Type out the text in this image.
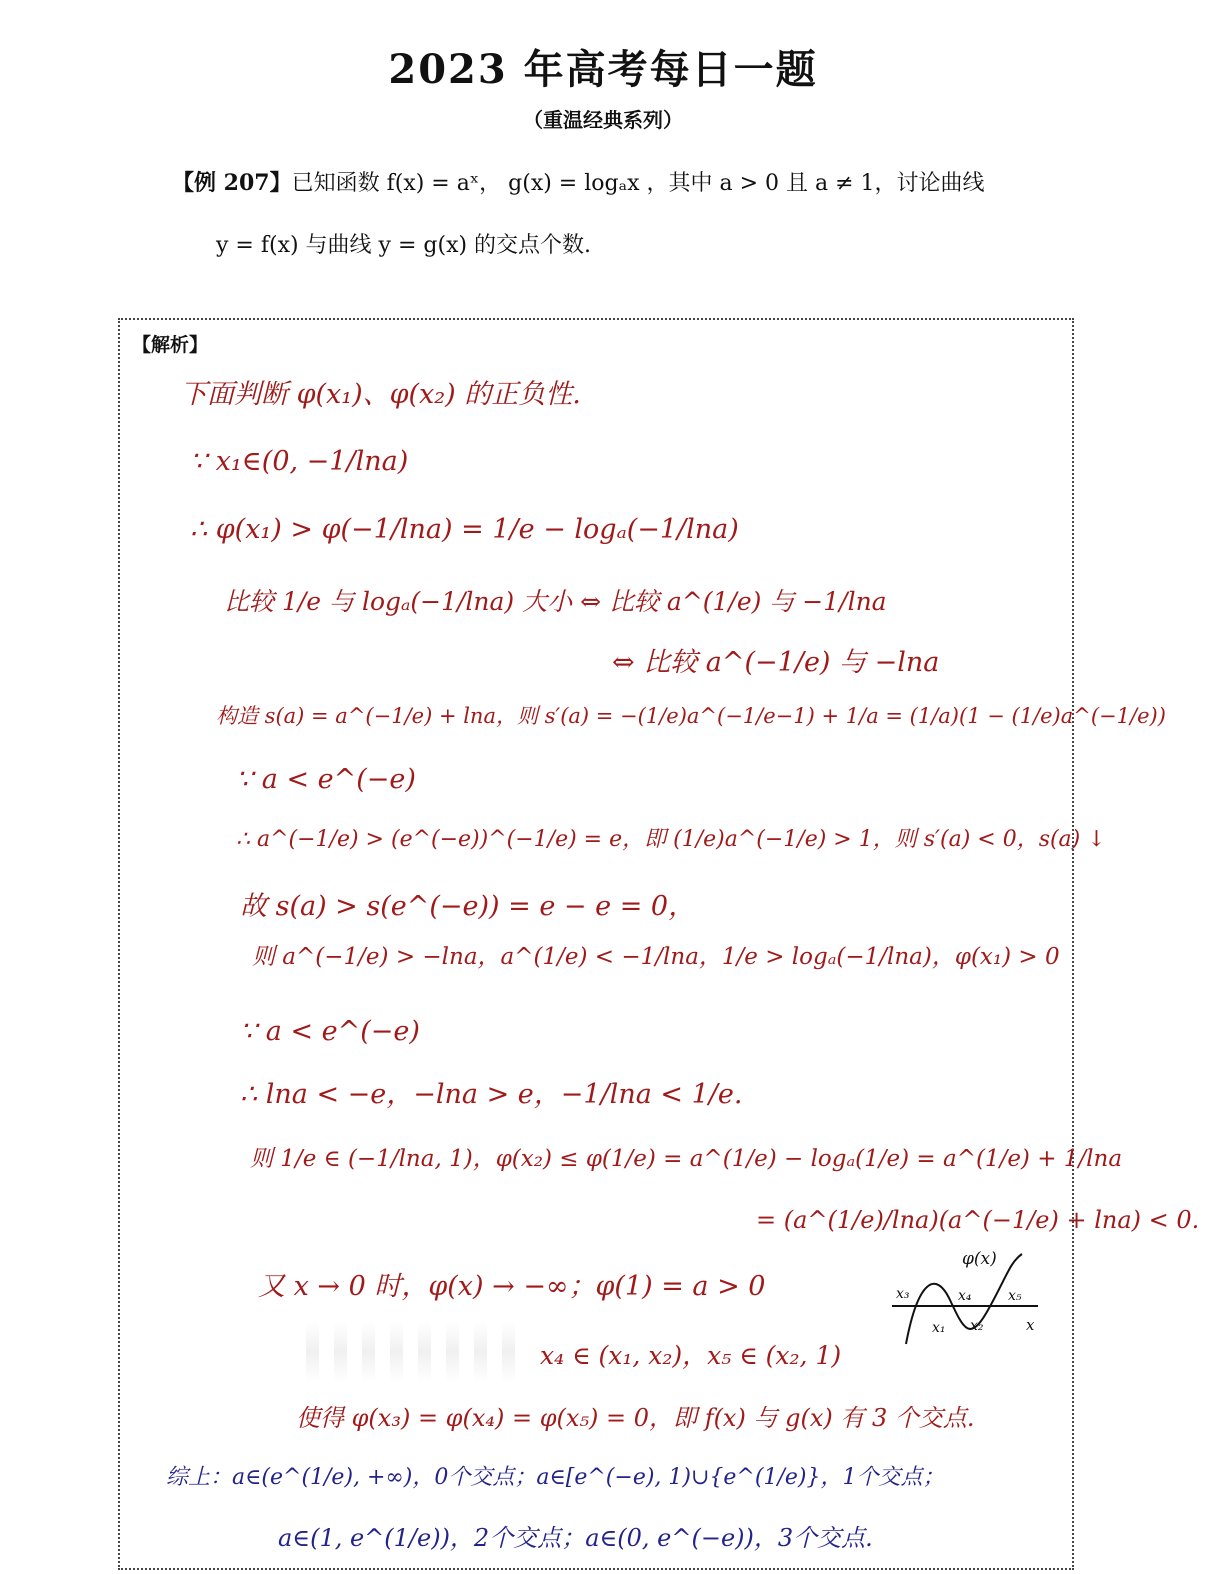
2023 年高考每日一题
（重温经典系列）
【例 207】已知函数 f(x) = aˣ， g(x) = logₐx ，其中 a > 0 且 a ≠ 1，讨论曲线
y = f(x) 与曲线 y = g(x) 的交点个数.
【解析】
下面判断 φ(x₁)、φ(x₂) 的正负性.
∵ x₁∈(0, −1/lna)
∴ φ(x₁) > φ(−1/lna) = 1/e − logₐ(−1/lna)
比较 1/e 与 logₐ(−1/lna) 大小 ⇔ 比较 a^(1/e) 与 −1/lna
⇔ 比较 a^(−1/e) 与 −lna
构造 s(a) = a^(−1/e) + lna，则 s′(a) = −(1/e)a^(−1/e−1) + 1/a = (1/a)(1 − (1/e)a^(−1/e))
∵ a < e^(−e)
∴ a^(−1/e) > (e^(−e))^(−1/e) = e，即 (1/e)a^(−1/e) > 1，则 s′(a) < 0，s(a) ↓
故 s(a) > s(e^(−e)) = e − e = 0，
则 a^(−1/e) > −lna，a^(1/e) < −1/lna，1/e > logₐ(−1/lna)，φ(x₁) > 0
∵ a < e^(−e)
∴ lna < −e，−lna > e，−1/lna < 1/e.
则 1/e ∈ (−1/lna, 1)，φ(x₂) ≤ φ(1/e) = a^(1/e) − logₐ(1/e) = a^(1/e) + 1/lna
= (a^(1/e)/lna)(a^(−1/e) + lna) < 0.
又 x → 0 时，φ(x) → −∞；φ(1) = a > 0
x₄ ∈ (x₁, x₂)，x₅ ∈ (x₂, 1)
使得 φ(x₃) = φ(x₄) = φ(x₅) = 0，即 f(x) 与 g(x) 有 3 个交点.
综上：a∈(e^(1/e), +∞)，0个交点；a∈[e^(−e), 1)∪{e^(1/e)}，1个交点；
a∈(1, e^(1/e))，2个交点；a∈(0, e^(−e))，3个交点.
φ(x)
x₃
x₁
x₄
x₂
x₅
x
